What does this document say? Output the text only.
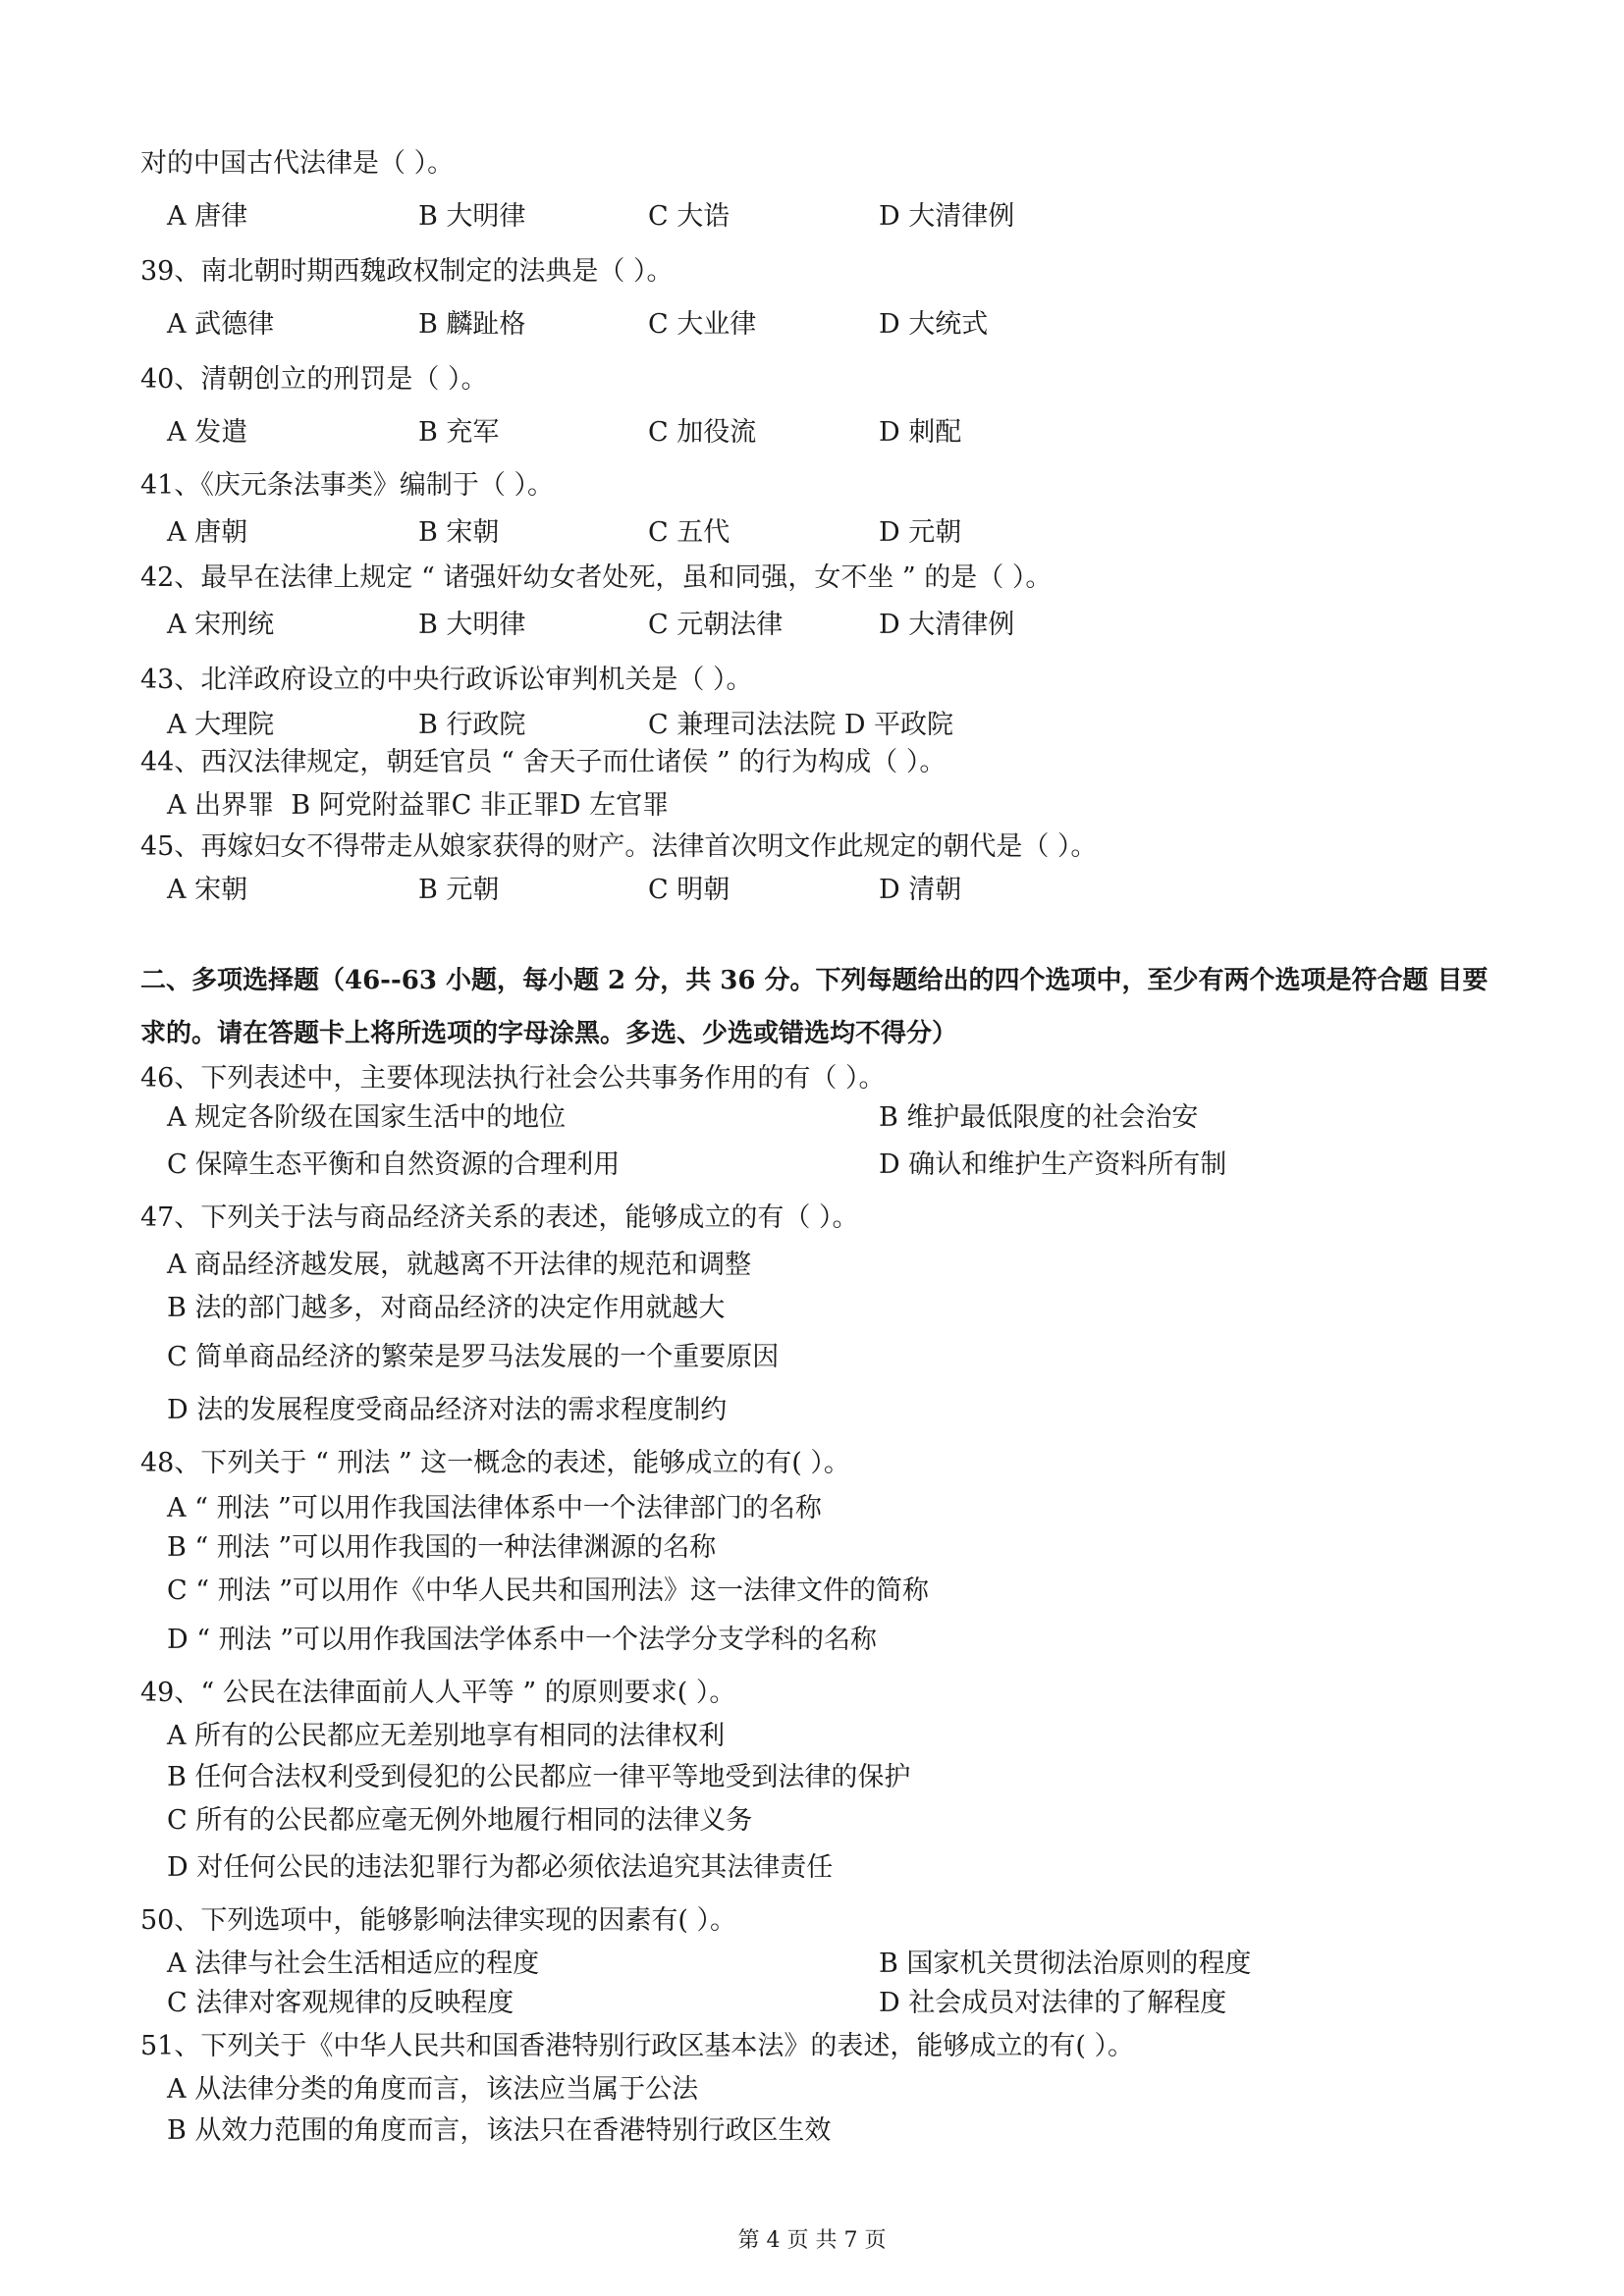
对的中国古代法律是（ ）。
A 唐律	B 大明律	C 大诰	D 大清律例
39、南北朝时期西魏政权制定的法典是（ ）。
A 武德律	B 麟趾格	C 大业律	D 大统式
40、清朝创立的刑罚是（ ）。
A 发遣	B 充军	C 加役流	D 刺配
41、《庆元条法事类》编制于（ ）。
A 唐朝	B 宋朝	C 五代	D 元朝
42、最早在法律上规定 “ 诸强奸幼女者处死，虽和同强，女不坐 ” 的是（ ）。
A 宋刑统	B 大明律	C 元朝法律	D 大清律例
43、北洋政府设立的中央行政诉讼审判机关是（ ）。
A 大理院	B 行政院	C 兼理司法法院 D 平政院
44、西汉法律规定，朝廷官员 “ 舍天子而仕诸侯 ” 的行为构成（ ）。
A 出界罪  B 阿党附益罪C 非正罪D 左官罪
45、再嫁妇女不得带走从娘家获得的财产。法律首次明文作此规定的朝代是（ ）。
A 宋朝	B 元朝	C 明朝	D 清朝
二、多项选择题（46--63 小题，每小题 2 分，共 36 分。下列每题给出的四个选项中，至少有两个选项是符合题 目要
求的。请在答题卡上将所选项的字母涂黑。多选、少选或错选均不得分）
46、下列表述中，主要体现法执行社会公共事务作用的有（ ）。
A 规定各阶级在国家生活中的地位	B 维护最低限度的社会治安
C 保障生态平衡和自然资源的合理利用	D 确认和维护生产资料所有制
47、下列关于法与商品经济关系的表述，能够成立的有（ ）。
A 商品经济越发展，就越离不开法律的规范和调整
B 法的部门越多，对商品经济的决定作用就越大
C 简单商品经济的繁荣是罗马法发展的一个重要原因
D 法的发展程度受商品经济对法的需求程度制约
48、下列关于 “ 刑法 ” 这一概念的表述，能够成立的有( ）。
A “ 刑法 ”可以用作我国法律体系中一个法律部门的名称
B “ 刑法 ”可以用作我国的一种法律渊源的名称
C “ 刑法 ”可以用作《中华人民共和国刑法》这一法律文件的简称
D “ 刑法 ”可以用作我国法学体系中一个法学分支学科的名称
49、“ 公民在法律面前人人平等 ” 的原则要求( ）。
A 所有的公民都应无差别地享有相同的法律权利
B 任何合法权利受到侵犯的公民都应一律平等地受到法律的保护
C 所有的公民都应毫无例外地履行相同的法律义务
D 对任何公民的违法犯罪行为都必须依法追究其法律责任
50、下列选项中，能够影响法律实现的因素有( ）。
A 法律与社会生活相适应的程度	B 国家机关贯彻法治原则的程度
C 法律对客观规律的反映程度	D 社会成员对法律的了解程度
51、下列关于《中华人民共和国香港特别行政区基本法》的表述，能够成立的有( ）。
A 从法律分类的角度而言，该法应当属于公法
B 从效力范围的角度而言，该法只在香港特别行政区生效
第 4 页 共 7 页
